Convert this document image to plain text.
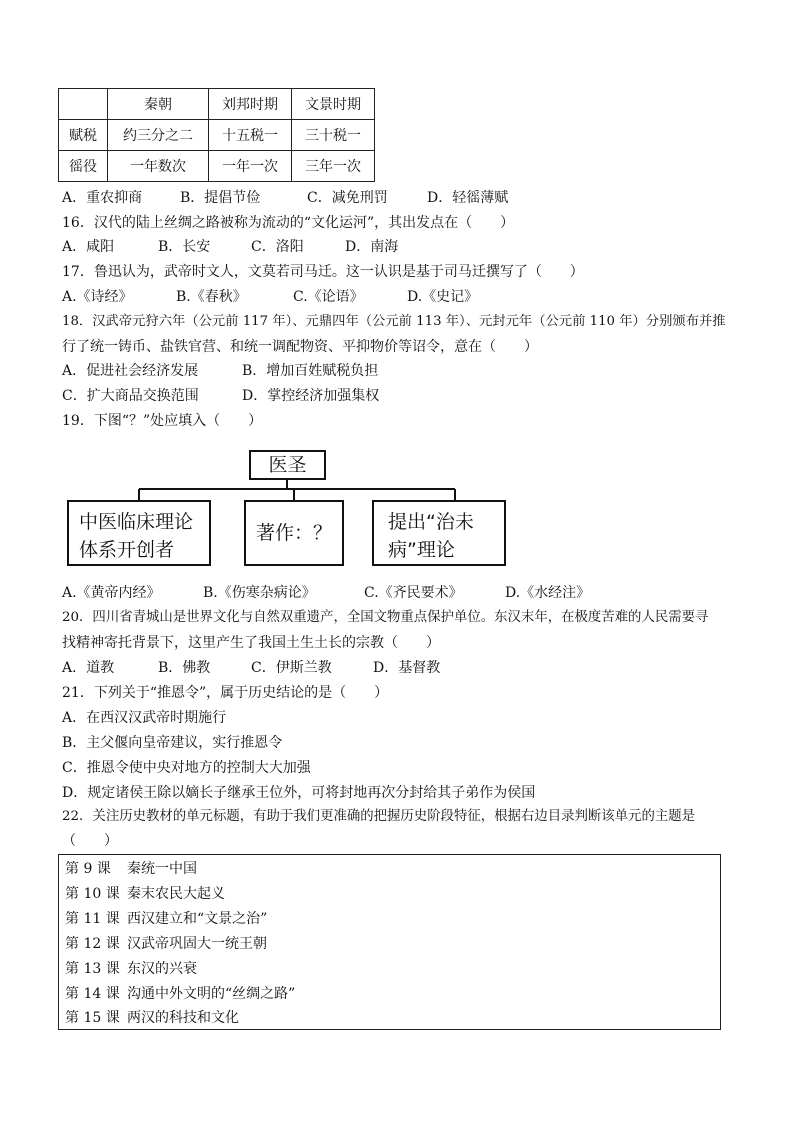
	秦朝	刘邦时期	文景时期
赋税	约三分之二	十五税一	三十税一
徭役	一年数次	一年一次	三年一次
A．重农抑商	B．提倡节俭	C．减免刑罚	D．轻徭薄赋
16．汉代的陆上丝绸之路被称为流动的“文化运河”，其出发点在（　　）
A．咸阳	B．长安	C．洛阳	D．南海
17．鲁迅认为，武帝时文人，文莫若司马迁。这一认识是基于司马迁撰写了（　　）
A.《诗经》	B.《春秋》	C.《论语》	D.《史记》
18．汉武帝元狩六年（公元前 117 年）、元鼎四年（公元前 113 年）、元封元年（公元前 110 年）分别颁布并推
行了统一铸币、盐铁官营、和统一调配物资、平抑物价等诏令，意在（　　）
A．促进社会经济发展	B．增加百姓赋税负担
C．扩大商品交换范围	D．掌控经济加强集权
19．下图“？”处应填入（　　）
医圣
中医临床理论
体系开创者
著作：？	提出“治未
病”理论
A.《黄帝内经》	B.《伤寒杂病论》	C.《齐民要术》	D.《水经注》
20．四川省青城山是世界文化与自然双重遗产，全国文物重点保护单位。东汉末年，在极度苦难的人民需要寻
找精神寄托背景下，这里产生了我国土生土长的宗教（　　）
A．道教	B．佛教	C．伊斯兰教	D．基督教
21．下列关于“推恩令”，属于历史结论的是（　　）
A．在西汉汉武帝时期施行
B．主父偃向皇帝建议，实行推恩令
C．推恩令使中央对地方的控制大大加强
D．规定诸侯王除以嫡长子继承王位外，可将封地再次分封给其子弟作为侯国
22．关注历史教材的单元标题，有助于我们更准确的把握历史阶段特征，根据右边目录判断该单元的主题是
（　　）
第 9 课 秦统一中国
第 10 课 秦末农民大起义
第 11 课 西汉建立和“文景之治”
第 12 课 汉武帝巩固大一统王朝
第 13 课 东汉的兴衰
第 14 课 沟通中外文明的“丝绸之路”
第 15 课 两汉的科技和文化
